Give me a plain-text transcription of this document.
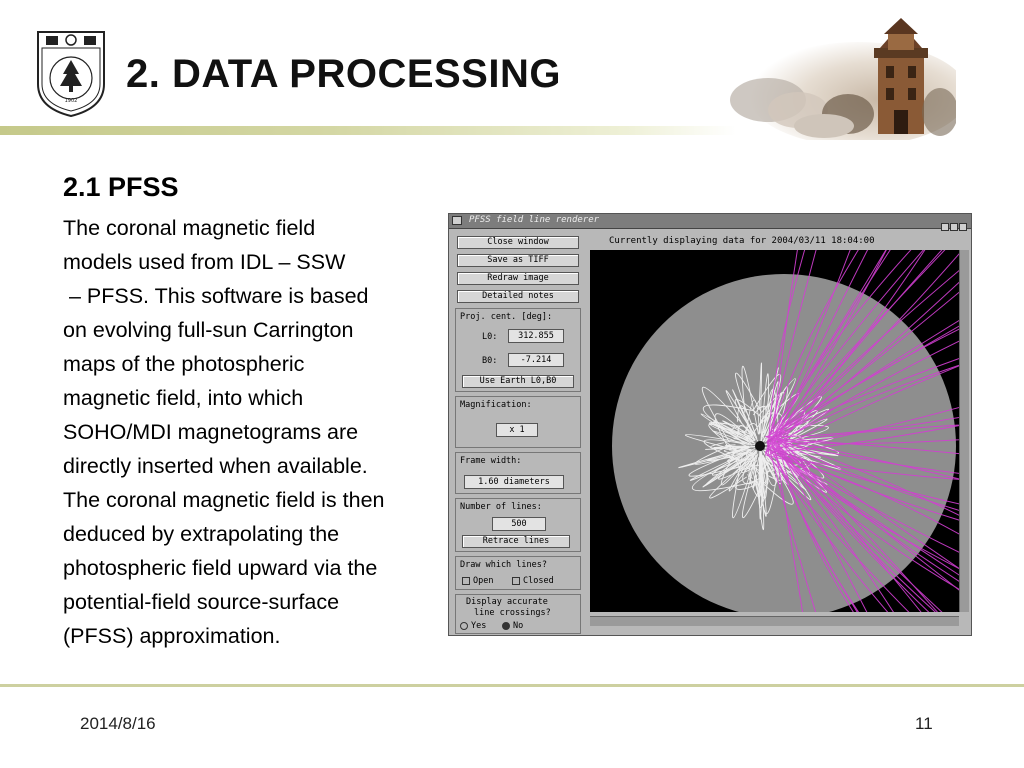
1902
2. DATA PROCESSING
2.1 PFSS
The coronal magnetic field
models used from IDL – SSW
– PFSS. This software is based
on evolving full-sun Carrington
maps of the photospheric
magnetic field, into which
SOHO/MDI magnetograms are
directly inserted when available.
The coronal magnetic field is then
deduced by extrapolating the
photospheric field upward via the
potential-field source-surface
(PFSS) approximation.
PFSS field line renderer
Close window
Save as TIFF
Redraw image
Detailed notes
Proj. cent. [deg]:
L0:	312.855
B0:	-7.214
Use Earth L0,B0
Magnification:
x 1
Frame width:
1.60 diameters
Number of lines:
500
Retrace lines
Draw which lines?
Open	Closed
Display accurate
line crossings?
Yes	No
Currently displaying data for 2004/03/11 18:04:00
2014/8/16	11
